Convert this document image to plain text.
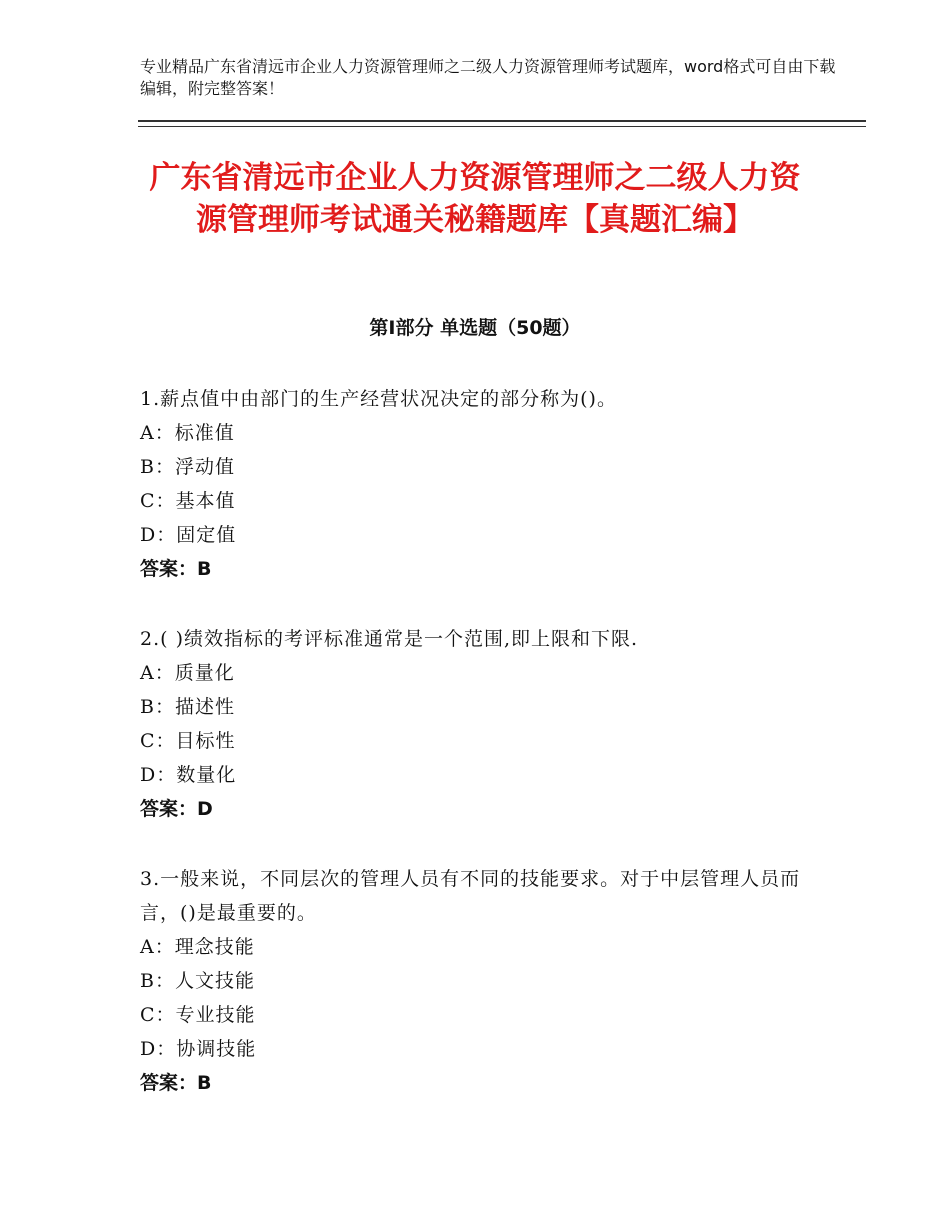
专业精品广东省清远市企业人力资源管理师之二级人力资源管理师考试题库，word格式可自由下载编辑，附完整答案！
广东省清远市企业人力资源管理师之二级人力资源管理师考试通关秘籍题库【真题汇编】
第Ⅰ部分 单选题（50题）
1.薪点值中由部门的生产经营状况决定的部分称为()。
A：标准值
B：浮动值
C：基本值
D：固定值
答案：B
2.( )绩效指标的考评标准通常是一个范围,即上限和下限.
A：质量化
B：描述性
C：目标性
D：数量化
答案：D
3.一般来说，不同层次的管理人员有不同的技能要求。对于中层管理人员而言，()是最重要的。
A：理念技能
B：人文技能
C：专业技能
D：协调技能
答案：B
